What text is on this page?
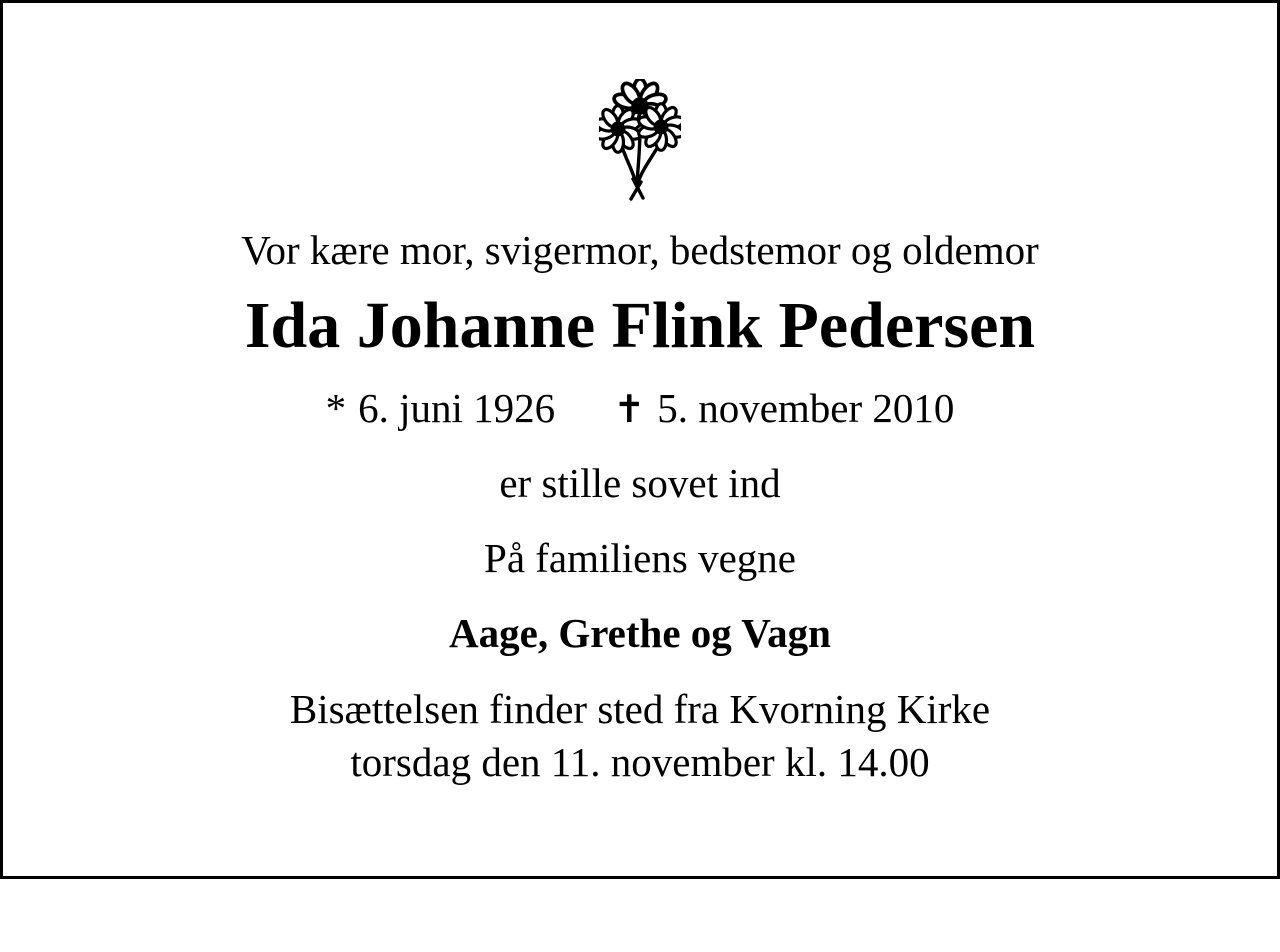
Vor kære mor, svigermor, bedstemor og oldemor
Ida Johanne Flink Pedersen
* 6. juni 1926 ✝ 5. november 2010
er stille sovet ind
På familiens vegne
Aage, Grethe og Vagn
Bisættelsen finder sted fra Kvorning Kirke
torsdag den 11. november kl. 14.00
